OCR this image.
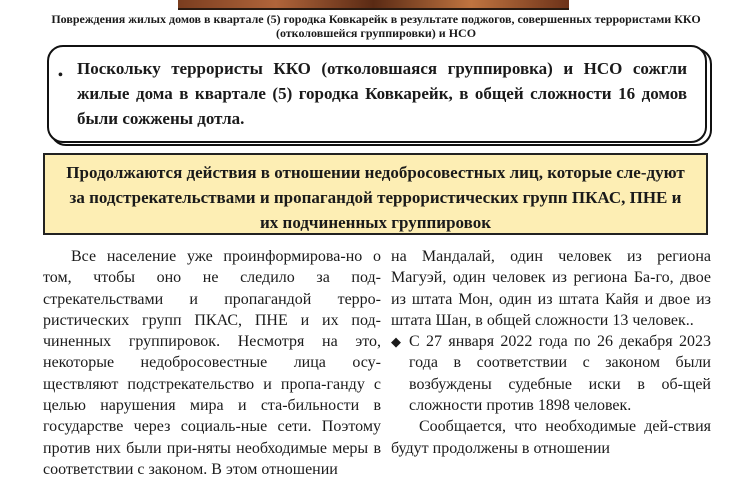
Повреждения жилых домов в квартале (5) городка Ковкарейк в результате поджогов, совершенных террористами ККО (отколовшейся группировки) и НСО
• Поскольку террористы ККО (отколовшаяся группировка) и НСО сожгли жилые дома в квартале (5) городка Ковкарейк, в общей сложности 16 домов были сожжены дотла.
Продолжаются действия в отношении недобросовестных лиц, которые сле-дуют за подстрекательствами и пропагандой террористических групп ПКАС, ПНЕ и их подчиненных группировок

Все население уже проинформирова-но о том, чтобы оно не следило за под-стрекательствами и пропагандой терро-ристических групп ПКАС, ПНЕ и их под-чиненных группировок. Несмотря на это, некоторые недобросовестные лица осу-ществляют подстрекательство и пропа-ганду с целью нарушения мира и ста-бильности в государстве через социаль-ные сети. Поэтому против них были при-няты необходимые меры в соответствии с законом. В этом отношении

на Мандалай, один человек из региона Магуэй, один человек из региона Ба-го, двое из штата Мон, один из штата Кайя и двое из штата Шан, в общей сложности 13 человек..

◆ С 27 января 2022 года по 26 декабря 2023 года в соответствии с законом были возбуждены судебные иски в об-щей сложности против 1898 человек.

Сообщается, что необходимые дей-ствия будут продолжены в отношении
